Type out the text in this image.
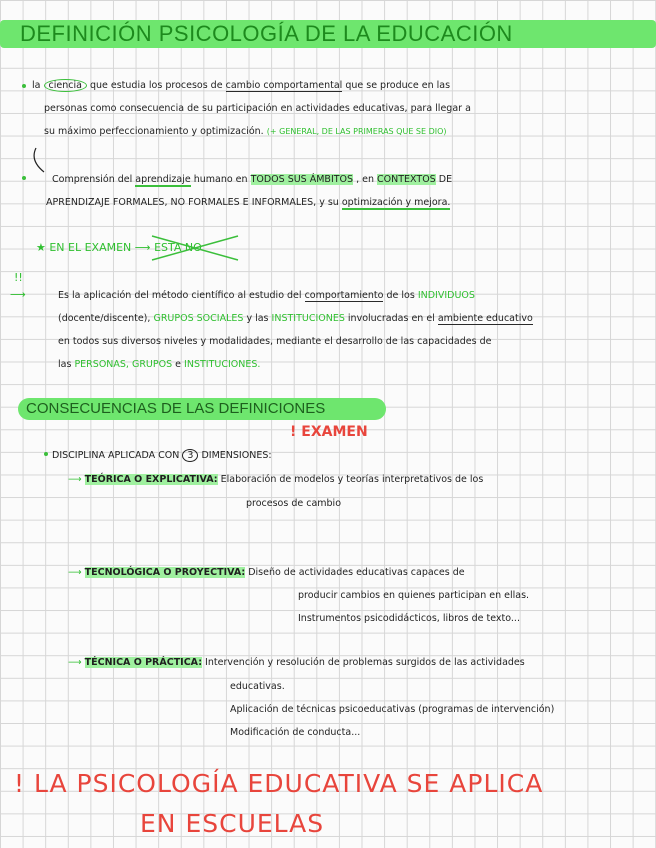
DEFINICIÓN PSICOLOGÍA DE LA EDUCACIÓN
la ciencia que estudia los procesos de cambio comportamental que se produce en las
personas como consecuencia de su participación en actividades educativas, para llegar a
su máximo perfeccionamiento y optimización. (+ GENERAL, DE LAS PRIMERAS QUE SE DIO)
Comprensión del aprendizaje humano en TODOS SUS ÁMBITOS , en CONTEXTOS DE
APRENDIZAJE FORMALES, NO FORMALES E INFORMALES, y su optimización y mejora.
★ EN EL EXAMEN ⟶ ESTA NO
!!
⟶	Es la aplicación del método científico al estudio del comportamiento de los INDIVIDUOS
(docente/discente), GRUPOS SOCIALES y las INSTITUCIONES involucradas en el ambiente educativo
en todos sus diversos niveles y modalidades, mediante el desarrollo de las capacidades de
las PERSONAS, GRUPOS e INSTITUCIONES.
CONSECUENCIAS DE LAS DEFINICIONES
! EXAMEN
DISCIPLINA APLICADA CON 3 DIMENSIONES:
⟶ TEÓRICA O EXPLICATIVA: Elaboración de modelos y teorías interpretativos de los
procesos de cambio
⟶ TECNOLÓGICA O PROYECTIVA: Diseño de actividades educativas capaces de
producir cambios en quienes participan en ellas.
Instrumentos psicodidácticos, libros de texto...
⟶ TÉCNICA O PRÁCTICA: Intervención y resolución de problemas surgidos de las actividades
educativas.
Aplicación de técnicas psicoeducativas (programas de intervención)
Modificación de conducta...
! LA PSICOLOGÍA EDUCATIVA SE APLICA
EN ESCUELAS
